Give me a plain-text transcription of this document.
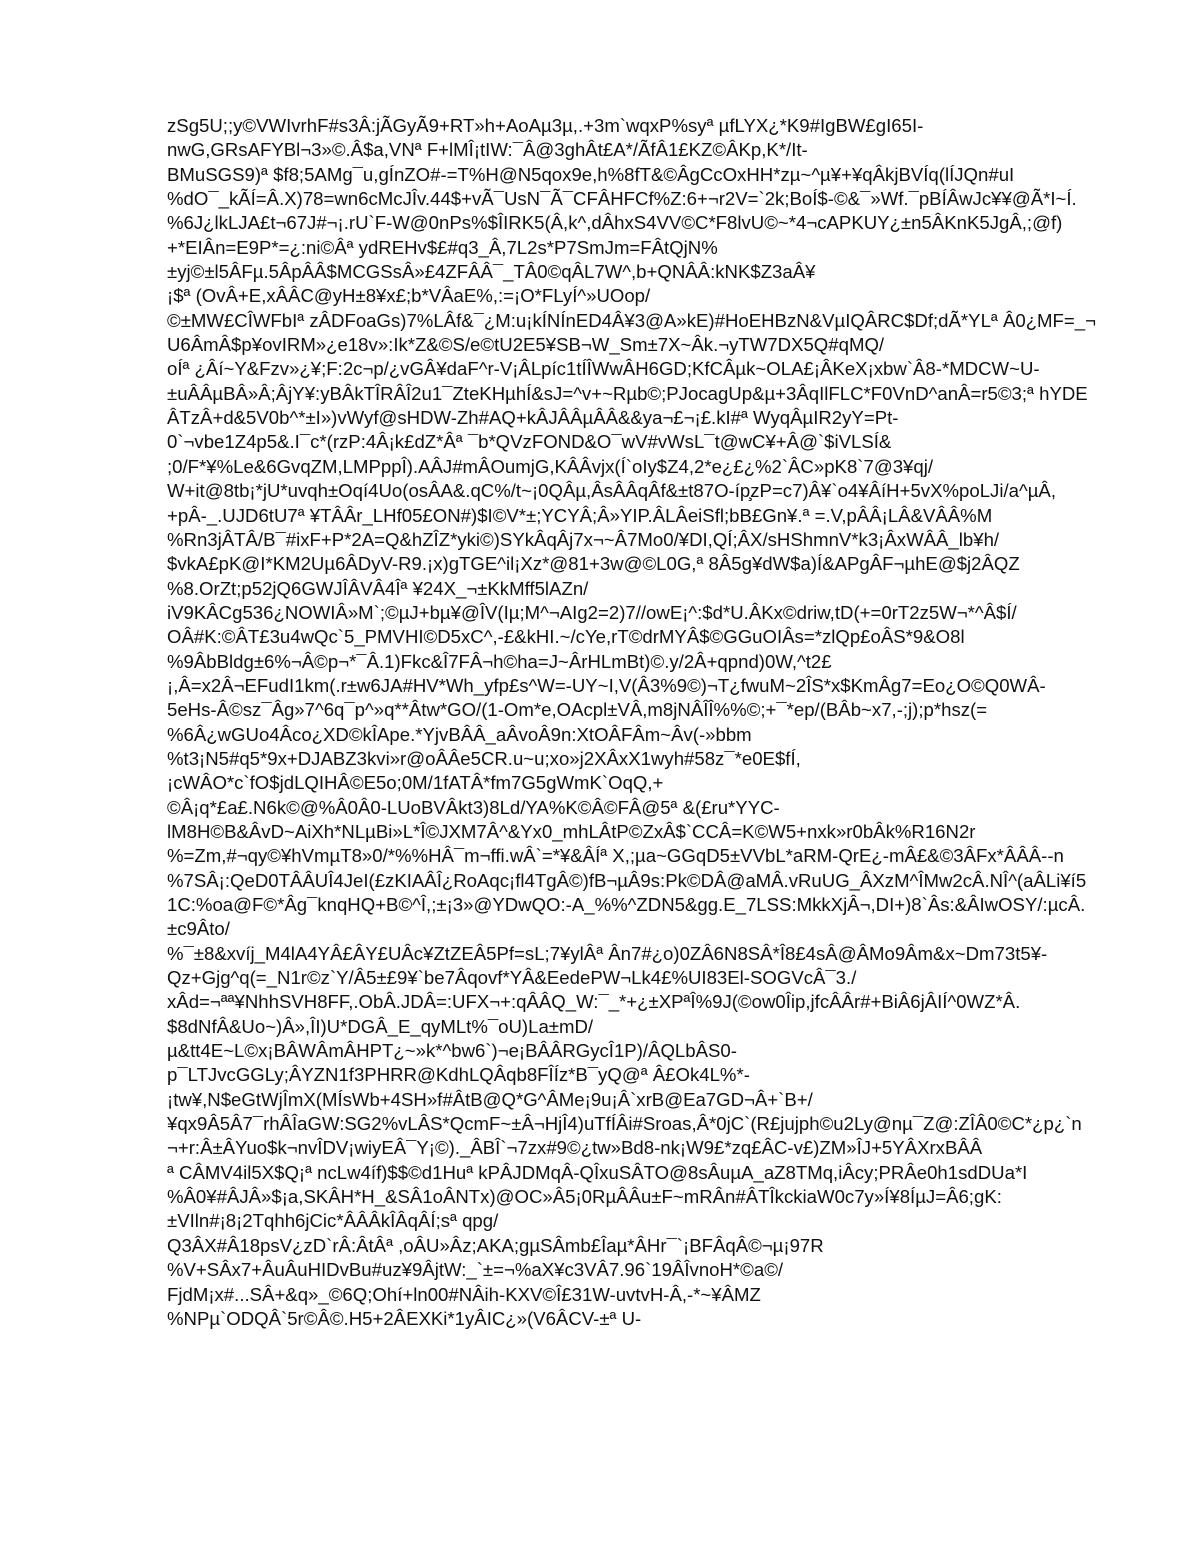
zSg5U;;y©VWIvrhF#s3Â:jÃGyÃ9+RT»h+AoAµ3µ,.+3m`wqxP%syª µfLYX¿*K9#IgBW£gI65I-
nwG,GRsAFYBl¬3»©.Â$a,VNª F+lMÎ¡tIW:¯Â@3ghÂt£A*/ÃfÂ1£KZ©ÂKp,K*/It-
BMuSGS9)ª $f8;5AMg¯u,gÍnZO#-=T%H@N5qox9e,h%8fT&©ÂgCcOxHH*zµ~^µ¥+¥qÂkjBVÍq(lÍJQn#uI
%dO¯_kÃÍ=Â.X)78=wn6cMcJÎv.44$+vÃ¯UsN¯Ã¯CFÂHFCf%Z:6+¬r2V=`2k;BoÍ$-©&¯»Wf.¯pBÍÂwJc¥¥@Ã*I~Í.
%6J¿lkLJA£t¬67J#¬¡.rU`F-W@0nPs%$ÎIRK5(Â,k^,dÂhxS4VV©C*F8lvU©~*4¬cAPKUY¿±n5ÂKnK5JgÂ,;@f)
+*EIÂn=E9P*=¿:ni©Âª ydREHv$£#q3_Â,7L2s*P7SmJm=FÂtQjN%
±yj©±l5ÂFµ.5ÂpÂÂ$MCGSsÂ»£4ZFÂÂ¯_TÂ0©qÂL7W^,b+QNÂÂ:kNK$Z3aÂ¥
¡$ª (OvÂ+E,xÂÂC@yH±8¥x£;b*VÂaE%,:=¡O*FLyÍ^»UOop/
©±MW£CÎWFbIª zÂDFoaGs)7%LÂf&¯¿M:u¡kÍNÍnED4Â¥3@A»kE)#HoEHBzN&VµIQÂRC$Df;dÃ*YLª Â0¿MF=_¬
U6ÂmÂ$p¥ovIRM»¿e18v»:Ik*Z&©S/e©tU2E5¥SB¬W_Sm±7X~Âk.¬yTW7DX5Q#qMQ/
oÍª ¿Âí~Y&Fzv»¿¥;F:2c¬p/¿vGÂ¥daF^r-V¡ÂLpíc1tÍÎWwÂH6GD;KfCÂµk~OLA£¡ÂKeX¡xbw`Â8-*MDCW~U-
±uÂÂµBÂ»Â;ÂjY¥:yBÂkTÎRÂÎ2u1¯ZteKHµhÍ&sJ=^v+~Rµb©;PJocagUp&µ+3ÂqIlFLC*F0VnD^anÂ=r5©3;ª hYDE
ÂTzÂ+d&5V0b^*±I»)vWyf@sHDW-Zh#AQ+kÂJÂÂµÂÂ&&ya¬£¬¡£.kI#ª WyqÂµIR2yY=Pt-
0`¬vbe1Z4p5&.I¯c*(rzP:4Â¡k£dZ*Âª ¯b*QVzFOND&O¯wV#vWsL¯t@wC¥+Â@`$iVLSÍ&
;0/F*¥%Le&6GvqZM,LMPppÎ).AÂJ#mÂOumjG,KÂÂvjx(Í`oIy$Z4,2*e¿£¿%2`ÂC»pK8`7@3¥qj/
W+it@8tb¡*jU*uvqh±Oqí4Uo(osÂA&.qC%/t~¡0QÂµ,ÂsÂÂqÂf&±t87O-íp̧zP=c7)Â¥`o4¥ÂíH+5vX%poLJi/a^µÂ,
+pÂ-_.UJD6tU7ª ¥TÂÂr_LHf05£ON#)$I©V*±;YCYÂ;Â»YIP.ÂLÂeiSfl;bB£Gn¥.ª =.V,pÂÂ¡LÂ&VÂÂ%M
%Rn3jÂTÂ/B¯#ixF+P*2A=Q&hZÎZ*yki©)SYkÂqÂj7x¬~Â7Mo0/¥DI,QÍ;ÂX/sHShmnV*k3¡ÂxWÂÂ_lb¥h/
$vkA£pK@I*KM2Uµ6ÂDyV-R9.¡x)gTGE^il¡Xz*@81+3w@©L0G,ª 8Â5g¥dW$a)Í&APgÂF¬µhE@$j2ÂQZ
%8.OrZt;p52jQ6GWJÎÂVÂ4Îª ¥24X_¬±KkMff5lAZn/
iV9KÂCg536¿NOWIÂ»M`;©µJ+bµ¥@ÎV(Iµ;M^¬AIg2=2)7//owE¡^:$d*U.ÂKx©driw,tD(+=0rT2z5W¬*^Â$Í/
OÂ#K:©ÂT£3u4wQc`5_PMVHI©D5xC^,-£&kHI.~/cYe,rT©drMYÂ$©GGuOIÂs=*zlQp£oÂS*9&O8l
%9ÂbBldg±6%¬Â©p¬*¯Â.1)Fkc&Î7FÂ¬h©ha=J~ÂrHLmBt)©.y/2Â+qpnd)0W,^t2£
¡,Â=x2Â¬EFudI1km(.r±w6JA#HV*Wh_yfp£s^W=-UY~I,V(Â3%9©)¬T¿fwuM~2ÎS*x$KmÂg7=Eo¿O©Q0WÂ-
5eHs-Â©sz¯Âg»7^6q¯p^»q**Âtw*GO/(1-Om*e,OAcpl±VÂ,m8jNÂÎÎ%%©;+¯*ep/(BÂb~x7,-;j);p*hsz(=
%6Â¿wGUo4Âco¿XD©kÎApe.*YjvBÂÂ_aÂvoÂ9n:XtOÂFÂm~Âv(-»bbm
%t3¡N5#q5*9x+DJABZ3kvi»r@oÂÂe5CR.u~u;xo»j2XÂxX1wyh#58z¯*e0E$fÍ,
¡cWÂO*c`fO$jdLQIHÂ©E5o;0M/1fATÂ*fm7G5gWmK`OqQ,+
©Â¡q*£a£.N6k©@%Â0Â0-LUoBVÂkt3)8Ld/YA%K©Â©FÂ@5ª &(£ru*YYC-
lM8H©B&ÂvD~AiXh*NLµBi»L*Î©JXM7Â^&Yx0_mhLÂtP©ZxÂ$`CCÂ=K©W5+nxk»r0bÂk%R16N2r
%=Zm,#¬qy©¥hVmµT8»0/*%%HÂ¯m¬ffi.wÂ`=*¥&ÂÍª X,;µa~GGqD5±VVbL*aRM-QrE¿-mÂ£&©3ÂFx*ÂÂÂ--n
%7SÂ¡:QeD0TÂÂUÎ4JeI(£zKIAÂÎ¿RoAqc¡fl4TgÂ©)fB¬µÂ9s:Pk©DÂ@aMÂ.vRuUG_ÂXzM^ÎMw2cÂ.NÎ^(aÂLi¥í5
1C:%oa@F©*Âg¯knqHQ+B©^Î,;±¡3»@YDwQO:-A_%%^ZDN5&gg.E_7LSS:MkkXjÂ¬,DI+)8`Âs:&ÂIwOSY/:µcÂ.
±c9Âto/
%¯±8&xvíj_M4lA4YÂ£ÂY£UÂc¥ZtZEÂ5Pf=sL;7¥ylÂª Ân7#¿o)0ZÂ6N8SÂ*Î8£4sÂ@ÂMo9Âm&x~Dm73t5¥-
Qz+Gjg^q(=_N1r©z`Y/Â5±£9¥`be7Âqovf*YÂ&EedePW¬Lk4£%UI83El-SOGVcÂ¯3./
xÂd=¬ªª¥NhhSVH8FF,.ObÂ.JDÂ=:UFX¬+:qÂÂQ_W:¯_*+¿±XPªÎ%9J(©ow0Îip,jfcÂÂr#+BiÂ6jÂIÍ^0WZ*Â.
$8dNfÂ&Uo~)Â»,ÎI)U*DGÂ_E_qyMLt%¯oU)La±mD/
µ&tt4E~L©x¡BÂWÂmÂHPT¿~»k*^bw6`)¬e¡BÂÂRGycÎ1P)/ÂQLbÂS0-
p¯LTJvcGGLy;ÂYZN1f3PHRR@KdhLQÂqb8FÎÍz*B¯yQ@ª Â£Ok4L%*-
¡tw¥,N$eGtWjÎmX(MÍsWb+4SH»f#ÂtB@Q*G^ÂMe¡9u¡Â`xrB@Ea7GD¬Â+`B+/
¥qx9Â5Â7¯rhÂÎaGW:SG2%vLÂS*QcmF~±Â¬HjÎ4)uTfÍÂi#Sroas,Â*0jC`(R£jujph©u2Ly@nµ¯Z@:ZÎÂ0©C*¿p¿`n
¬+r:Â±ÂYuo$k¬nvÎDV¡wiyEÂ¯Y¡©)._ÂBÎ`¬7zx#9©¿tw»Bd8-nk¡W9£*zq£ÂC-v£)ZM»ÎJ+5YÂXrxBÂÂ
ª CÂMV4il5X$Q¡ª ncLw4íf)$$©d1Huª kPÂJDMqÂ-QÎxuSÂTO@8sÂuµA_aZ8TMq,iÂcy;PRÂe0h1sdDUa*I
%Â0¥#ÂJÂ»$¡a,SKÂH*H_&SÂ1oÂNTx)@OC»Â5¡0RµÂÂu±F~mRÂn#ÂTÎkckiaW0c7y»Í¥8ÍµJ=Â6;gK:
±VIln#¡8¡2Tqhh6jCic*ÂÂÂkÎÂqÂÍ;sª qpg/
Q3ÂX#Â18psV¿zD`rÂ:ÂtÂª ,oÂU»Âz;AKA;gµSÂmb£Îaµ*ÂHr¯`¡BFÂqÂ©¬µ¡97R
%V+SÂx7+ÂuÂuHIDvBu#uz¥9ÂjtW:_`±=¬%aX¥c3VÂ7.96`19ÂÎvnoH*©a©/
FjdM¡x#...SÂ+&q»_©6Q;Ohí+ln00#NÂih-KXV©Î£31W-uvtvH-Â,-*~¥ÂMZ
%NPµ`ODQÂ`5r©Â©.H5+2ÂEXKi*1yÂIC¿»(V6ÂCV-±ª U-
